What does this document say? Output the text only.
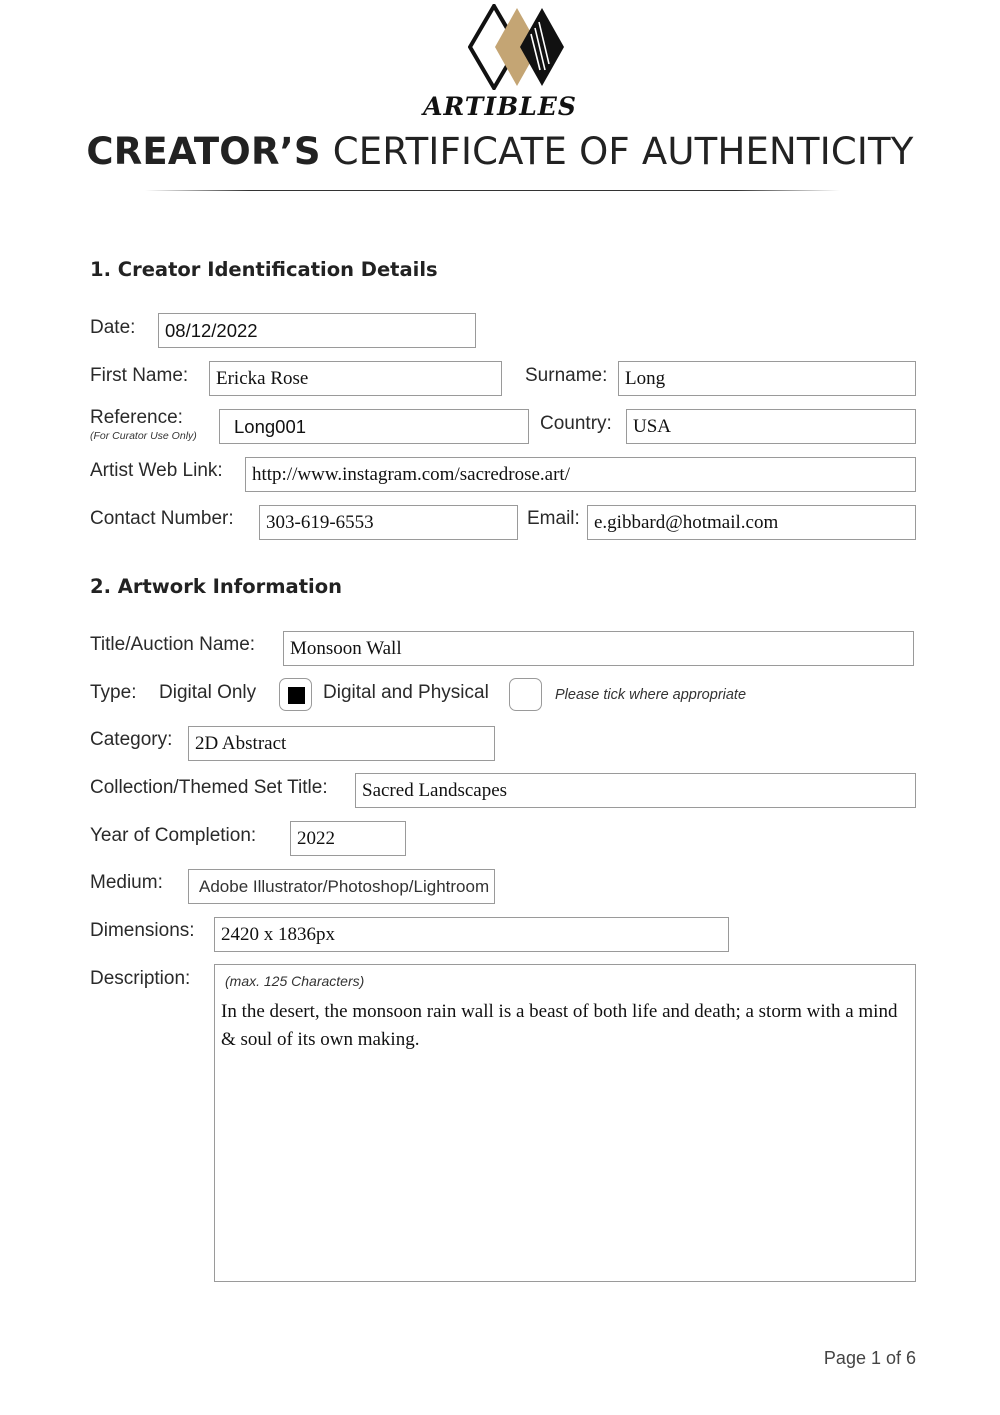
ARTIBLES
CREATOR’S CERTIFICATE OF AUTHENTICITY
1. Creator Identification Details
Date:	08/12/2022
First Name:	Ericka Rose	Surname: Long
Reference:
(For Curator Use Only)	Long001	Country:	USA
Artist Web Link:	http://www.instagram.com/sacredrose.art/
Contact Number:	303-619-6553	Email: e.gibbard@hotmail.com
2. Artwork Information
Title/Auction Name:	Monsoon Wall
Type: Digital Only	Digital and Physical	Please tick where appropriate
Category:	2D Abstract
Collection/Themed Set Title:	Sacred Landscapes
Year of Completion:	2022
Medium:	Adobe Illustrator/Photoshop/Lightroom
Dimensions:	2420 x 1836px
Description: (max. 125 Characters)
In the desert, the monsoon rain wall is a beast of both life and death; a storm with a mind & soul of its own making.
Page 1 of 6
